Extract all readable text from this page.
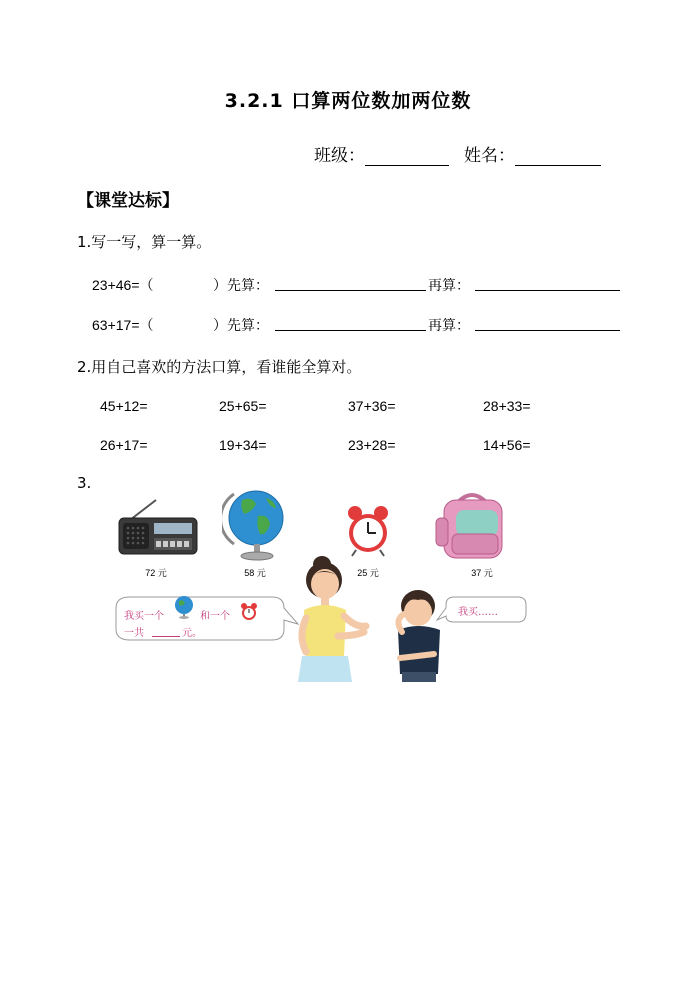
3.2.1 口算两位数加两位数
班级：	姓名：
【课堂达标】
1.写一写，算一算。
23+46=（	）先算：	再算：
63+17=（	）先算：	再算：
2.用自己喜欢的方法口算，看谁能全算对。
45+12=	25+65=	37+36=	28+33=
26+17=	19+34=	23+28=	14+56=
3.
72 元	58 元	25 元	37 元
我买一个	和一个
一共	元。
我买……
